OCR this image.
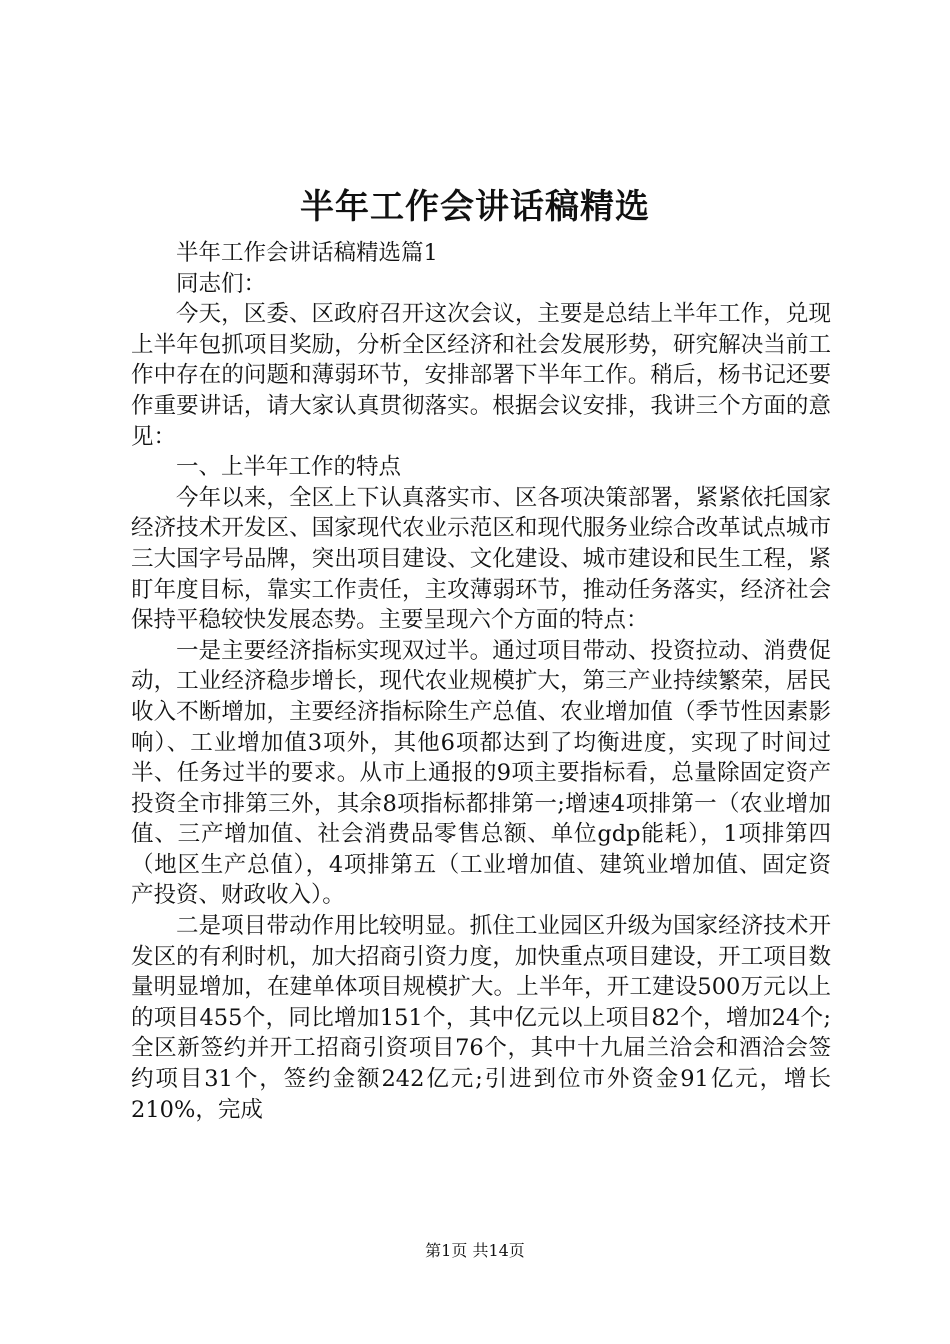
半年工作会讲话稿精选

半年工作会讲话稿精选篇1

同志们：

今天，区委、区政府召开这次会议，主要是总结上半年工作，兑现上半年包抓项目奖励，分析全区经济和社会发展形势，研究解决当前工作中存在的问题和薄弱环节，安排部署下半年工作。稍后，杨书记还要作重要讲话，请大家认真贯彻落实。根据会议安排，我讲三个方面的意见：

一、上半年工作的特点

今年以来，全区上下认真落实市、区各项决策部署，紧紧依托国家经济技术开发区、国家现代农业示范区和现代服务业综合改革试点城市三大国字号品牌，突出项目建设、文化建设、城市建设和民生工程，紧盯年度目标，靠实工作责任，主攻薄弱环节，推动任务落实，经济社会保持平稳较快发展态势。主要呈现六个方面的特点：

一是主要经济指标实现双过半。通过项目带动、投资拉动、消费促动，工业经济稳步增长，现代农业规模扩大，第三产业持续繁荣，居民收入不断增加，主要经济指标除生产总值、农业增加值（季节性因素影响）、工业增加值3项外，其他6项都达到了均衡进度，实现了时间过半、任务过半的要求。从市上通报的9项主要指标看，总量除固定资产投资全市排第三外，其余8项指标都排第一;增速4项排第一（农业增加值、三产增加值、社会消费品零售总额、单位gdp能耗），1项排第四（地区生产总值），4项排第五（工业增加值、建筑业增加值、固定资产投资、财政收入）。

二是项目带动作用比较明显。抓住工业园区升级为国家经济技术开发区的有利时机，加大招商引资力度，加快重点项目建设，开工项目数量明显增加，在建单体项目规模扩大。上半年，开工建设500万元以上的项目455个，同比增加151个，其中亿元以上项目82个，增加24个;全区新签约并开工招商引资项目76个，其中十九届兰洽会和酒洽会签约项目31个，签约金额242亿元;引进到位市外资金91亿元，增长210%，完成

第1页 共14页
